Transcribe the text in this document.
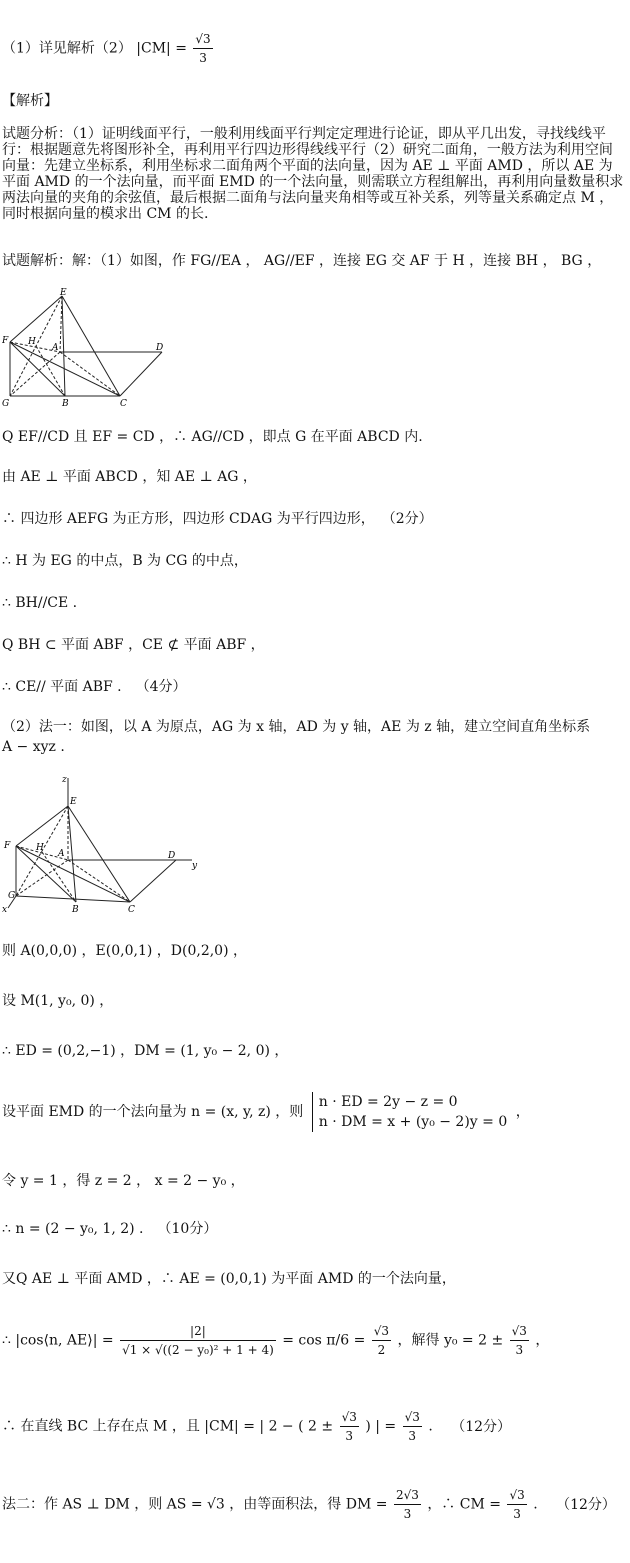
（1）详见解析（2） $|CM| = \frac{√3}{3}$
【解析】
试题分析：（1）证明线面平行，一般利用线面平行判定定理进行论证，即从平几出发，寻找线线平行：根据题意先将图形补全，再利用平行四边形得线线平行（2）研究二面角，一般方法为利用空间向量：先建立坐标系，利用坐标求二面角两个平面的法向量，因为 AE ⊥ 平面 AMD ，所以 AE 为平面 AMD 的一个法向量，而平面 EMD 的一个法向量，则需联立方程组解出，再利用向量数量积求两法向量的夹角的余弦值，最后根据二面角与法向量夹角相等或互补关系，列等量关系确定点 M ，同时根据向量的模求出 CM 的长.
试题解析：解：（1）如图，作 FG//EA ， AG//EF ，连接 EG 交 AF 于 H ，连接 BH ， BG ，
E
F H
A	D
G	B	C
Q EF//CD 且 EF = CD ，∴ AG//CD ，即点 G 在平面 ABCD 内.
由 AE ⊥ 平面 ABCD ，知 AE ⊥ AG ，
∴ 四边形 AEFG 为正方形，四边形 CDAG 为平行四边形， （2分）
∴ H 为 EG 的中点，B 为 CG 的中点，
∴ BH//CE .
Q BH ⊂ 平面 ABF ，CE ⊄ 平面 ABF ，
∴ CE// 平面 ABF . （4分）
（2）法一：如图，以 A 为原点，AG 为 x 轴，AD 为 y 轴，AE 为 z 轴，建立空间直角坐标系
A − xyz .
z
E
F	H
A	D
y
G
B	C
x
则 A(0,0,0) ，E(0,0,1) ，D(0,2,0) ，
设 M(1, y₀, 0) ，
∴ ED = (0,2,−1) ，DM = (1, y₀ − 2, 0) ，
设平面 EMD 的一个法向量为 n = (x, y, z) ，则
n · ED = 2y − z = 0
n · DM = x + (y₀ − 2)y = 0
，
令 y = 1 ，得 z = 2 ， x = 2 − y₀ ，
∴ n = (2 − y₀, 1, 2) . （10分）
又Q AE ⊥ 平面 AMD ，∴ AE = (0,0,1) 为平面 AMD 的一个法向量，
∴ |cos⟨n, AE⟩| = $\frac{|2|}{\text{√1 × √((2 − y₀)² + 1 + 4)}} = \cos \pi/6 = \frac{√3}{2}$ ，解得 $y_0 = 2 \pm \frac{√3}{3}$ ，
∴ 在直线 BC 上存在点 M ，且 |CM| = | 2 − ( $2 \pm \frac{√3}{3}$ ) | = $\frac{√3}{3}$ . （12分）
法二：作 AS ⊥ DM ，则 AS = √3 ，由等面积法，得 DM = $\frac{2√3}{3}$ ，∴ CM = $\frac{√3}{3}$ . （12分）
